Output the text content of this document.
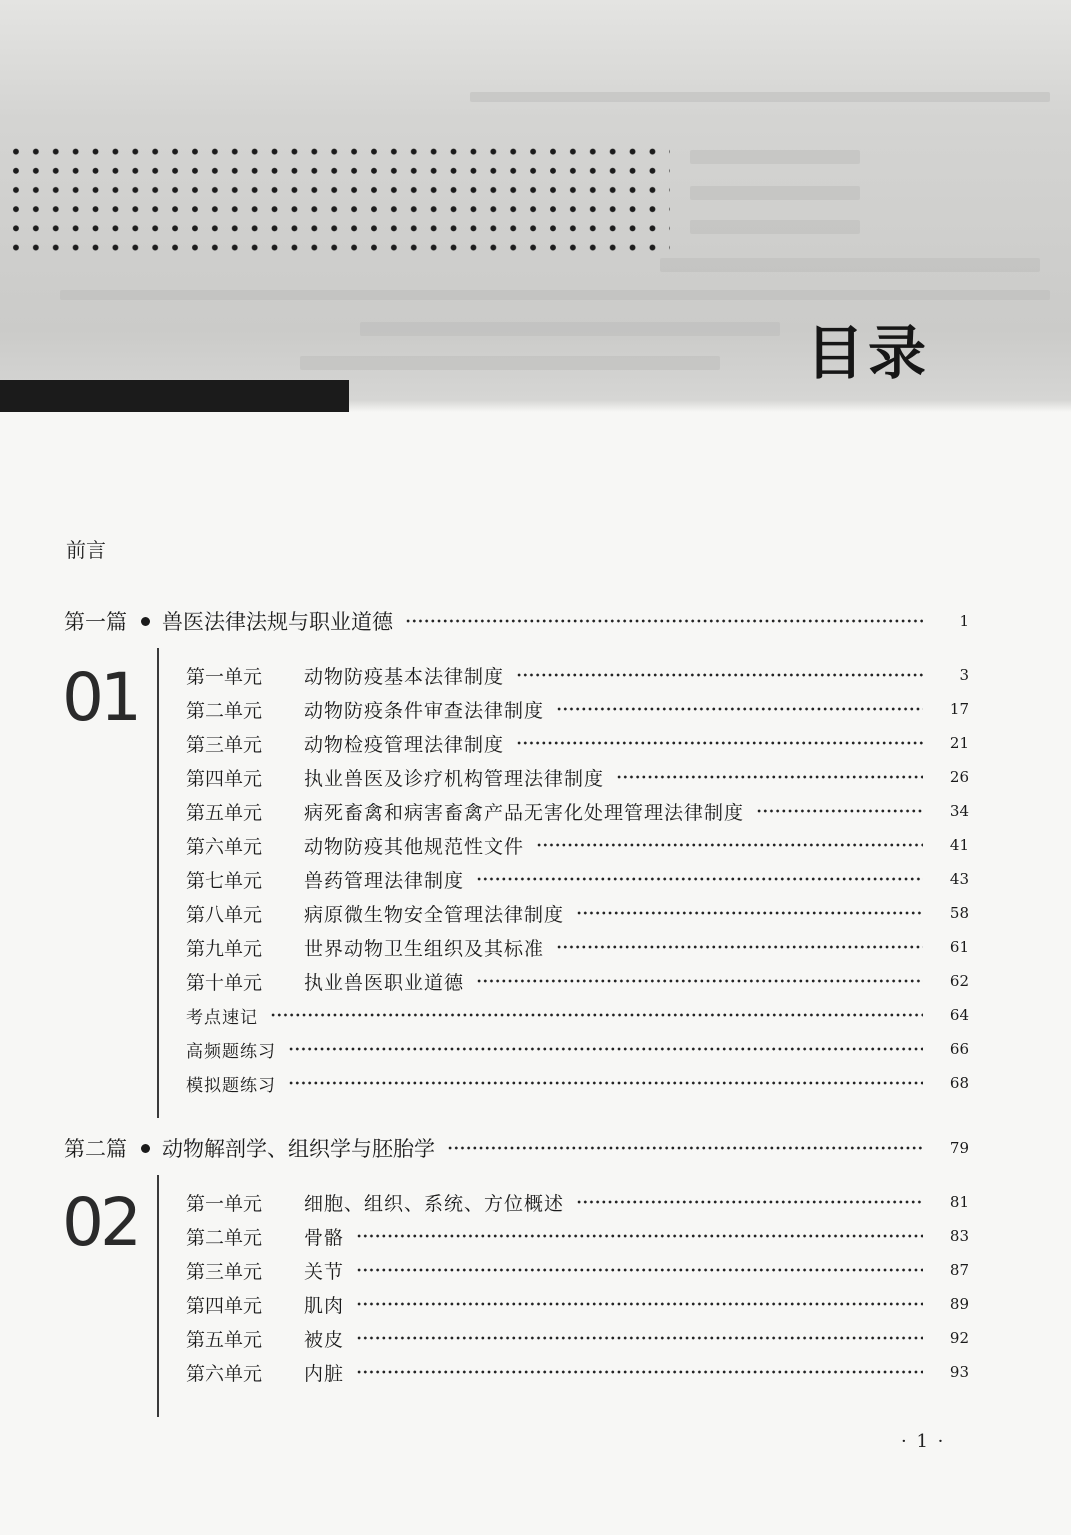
目录
前言
第一篇 兽医法律法规与职业道德	1
01	第一单元	动物防疫基本法律制度	3
第二单元	动物防疫条件审查法律制度	17
第三单元	动物检疫管理法律制度	21
第四单元	执业兽医及诊疗机构管理法律制度	26
第五单元	病死畜禽和病害畜禽产品无害化处理管理法律制度	34
第六单元	动物防疫其他规范性文件	41
第七单元	兽药管理法律制度	43
第八单元	病原微生物安全管理法律制度	58
第九单元	世界动物卫生组织及其标准	61
第十单元	执业兽医职业道德	62
考点速记	64
高频题练习	66
模拟题练习	68
第二篇 动物解剖学、组织学与胚胎学	79
02	第一单元	细胞、组织、系统、方位概述	81
第二单元	骨骼	83
第三单元	关节	87
第四单元	肌肉	89
第五单元	被皮	92
第六单元	内脏	93
· 1 ·
